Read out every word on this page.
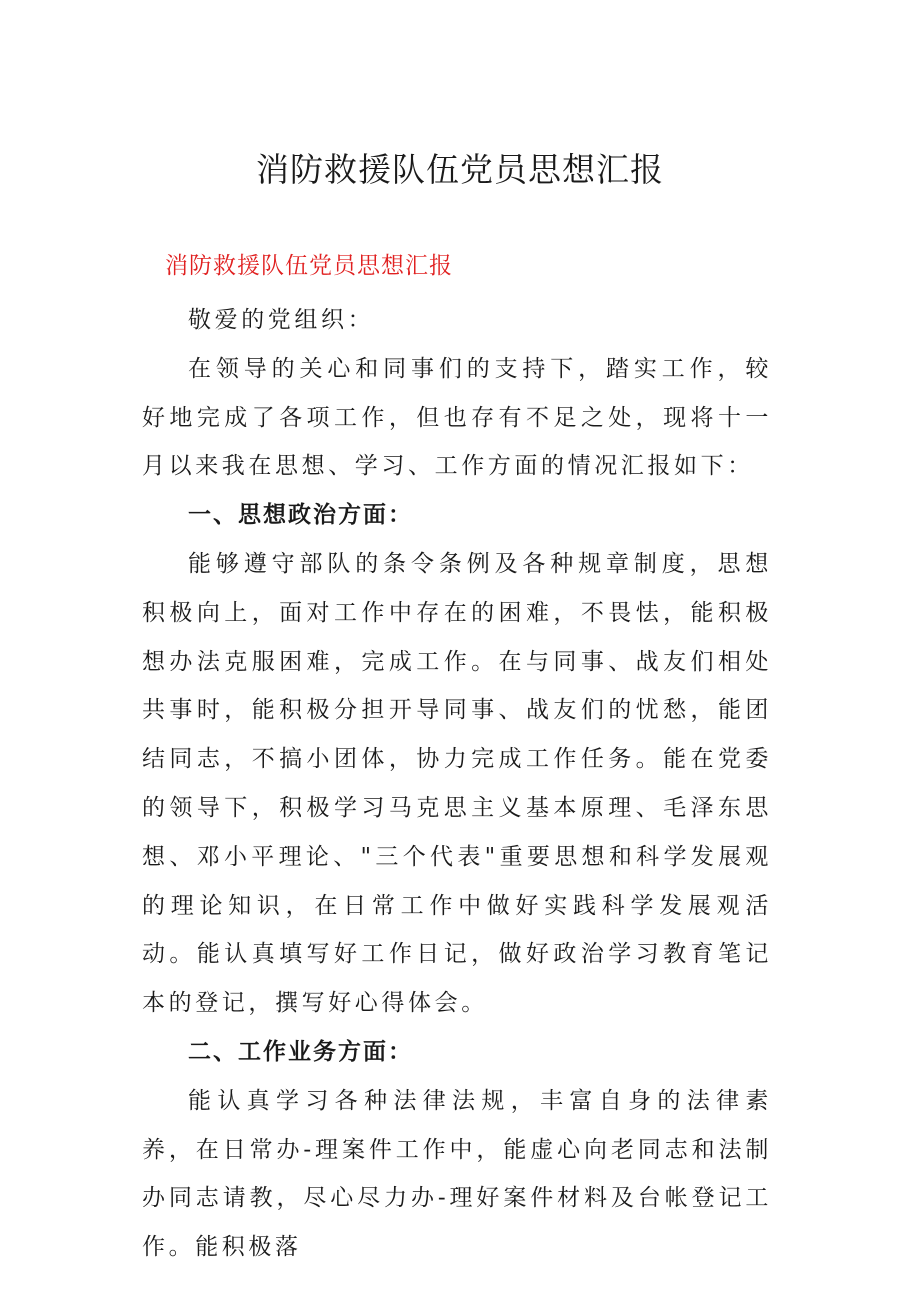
消防救援队伍党员思想汇报
消防救援队伍党员思想汇报

敬爱的党组织：

在领导的关心和同事们的支持下，踏实工作，较好地完成了各项工作，但也存有不足之处，现将十一月以来我在思想、学习、工作方面的情况汇报如下：

一、思想政治方面：

能够遵守部队的条令条例及各种规章制度，思想积极向上，面对工作中存在的困难，不畏怯，能积极想办法克服困难，完成工作。在与同事、战友们相处共事时，能积极分担开导同事、战友们的忧愁，能团结同志，不搞小团体，协力完成工作任务。能在党委的领导下，积极学习马克思主义基本原理、毛泽东思想、邓小平理论、"三个代表"重要思想和科学发展观的理论知识，在日常工作中做好实践科学发展观活动。能认真填写好工作日记，做好政治学习教育笔记本的登记，撰写好心得体会。

二、工作业务方面：

能认真学习各种法律法规，丰富自身的法律素养，在日常办-理案件工作中，能虚心向老同志和法制办同志请教，尽心尽力办-理好案件材料及台帐登记工作。能积极落
